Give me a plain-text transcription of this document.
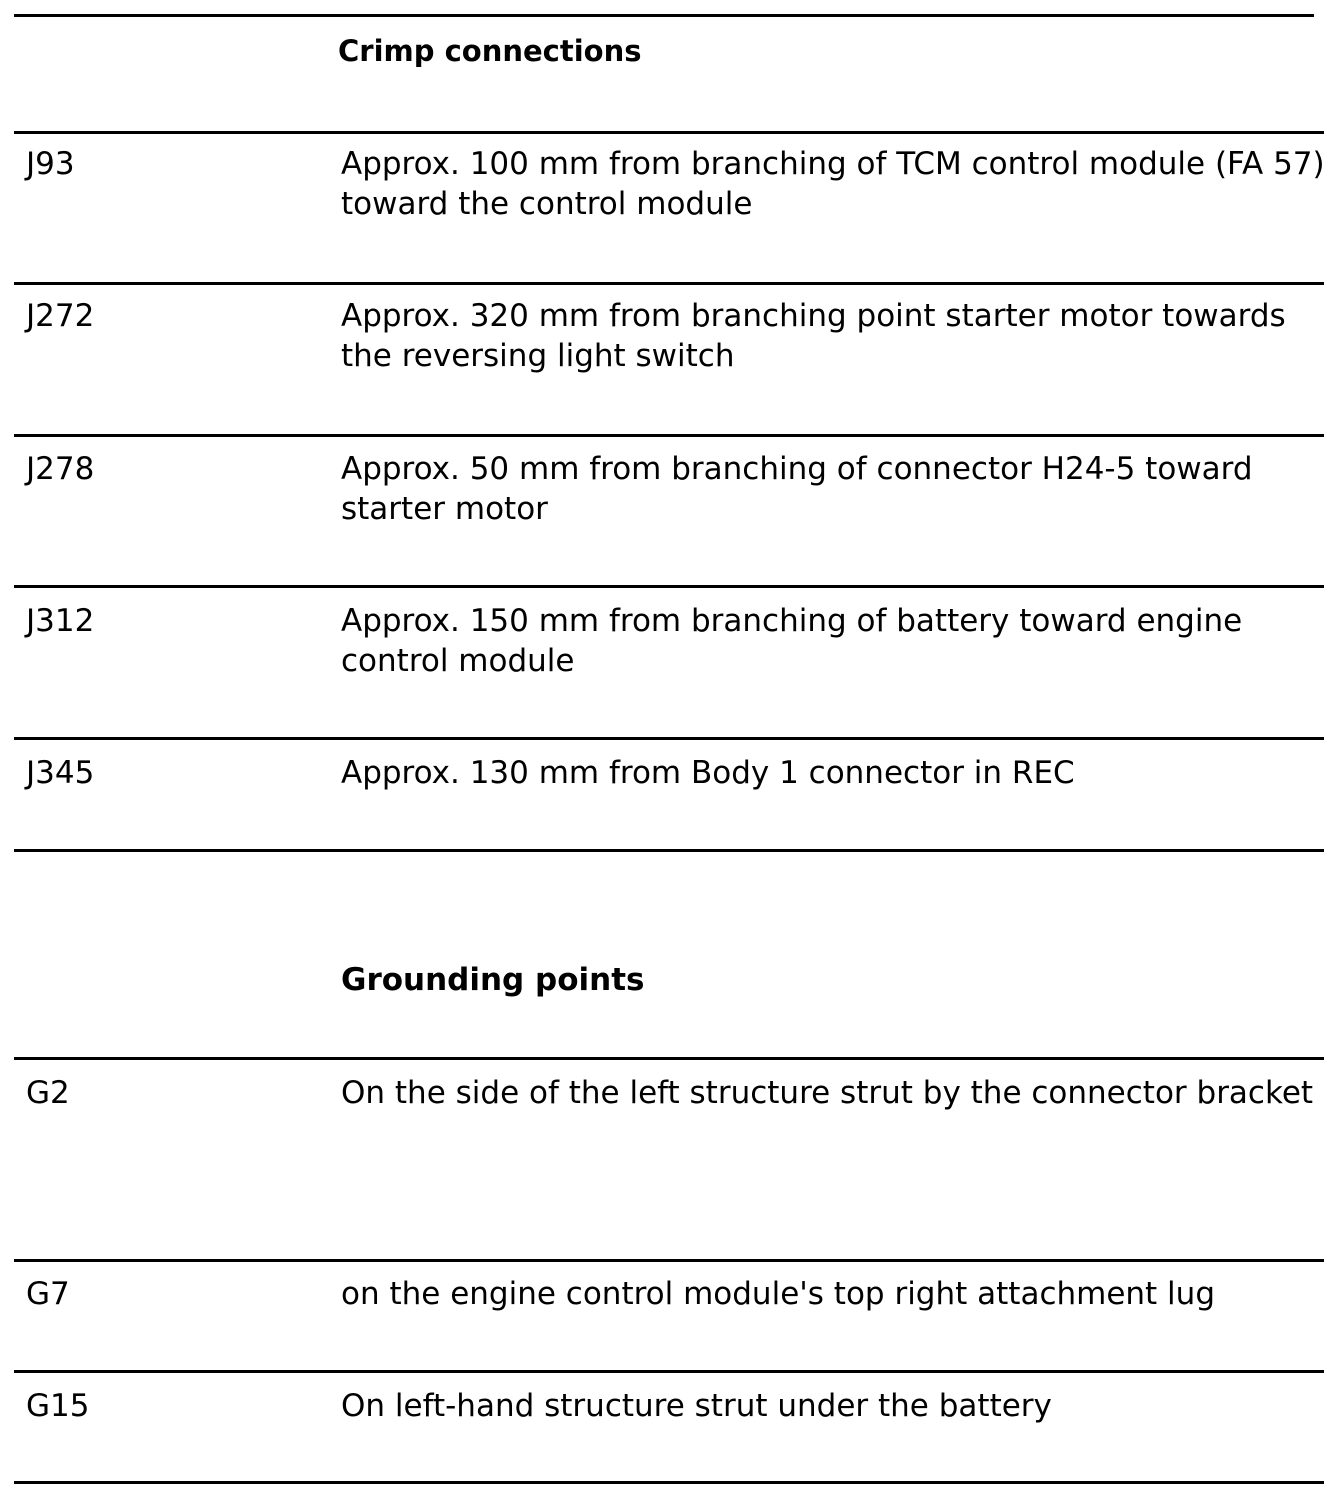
Crimp connections
J93	Approx. 100 mm from branching of TCM control module (FA 57) toward the control module
J272	Approx. 320 mm from branching point starter motor towards the reversing light switch
J278	Approx. 50 mm from branching of connector H24-5 toward starter motor
J312	Approx. 150 mm from branching of battery toward engine control module
J345	Approx. 130 mm from Body 1 connector in REC
Grounding points
G2	On the side of the left structure strut by the connector bracket
G7	on the engine control module's top right attachment lug
G15	On left-hand structure strut under the battery
